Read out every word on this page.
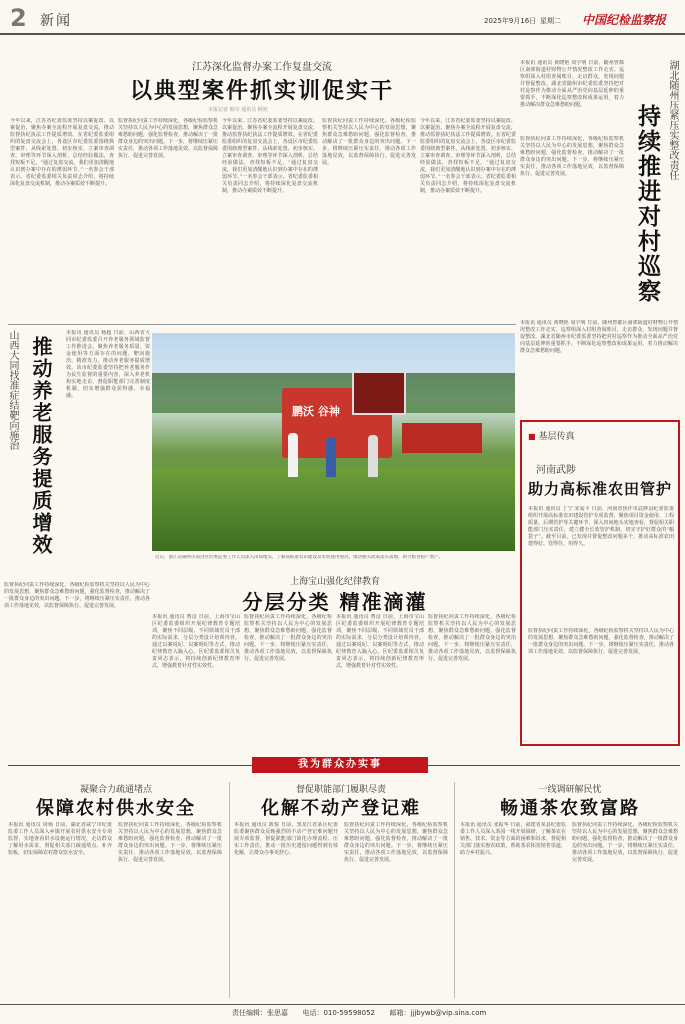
2 新闻	2025年9月16日 星期二 中国纪检监察报
江苏深化监督办案工作复盘交流
以典型案件抓实训促实干
本报记者 韩宇 通讯员 顾奕
今年以来，江苏省纪委监委坚持以案促改、以案促治，聚焦办案全流程开展复盘交流，推动监督执纪执法工作提质增效。在省纪委监委组织的复盘交流会上，各设区市纪委监委围绕典型案件，从线索处置、初步核实、立案审查调查、审理等环节深入剖析，总结经验做法，查找短板不足。“通过复盘交流，我们更加清醒地认识到办案中存在的薄弱环节。”一名参会干部表示。省纪委监委相关负责同志介绍，将持续深化复盘交流机制，推动办案质效不断提升。
监督执纪问责工作持续深化，各级纪检监察机关坚持以人民为中心的发展思想，聚焦群众急难愁盼问题，强化监督检查，推动解决了一批群众身边的突出问题。下一步，将继续压紧压实责任，推动各项工作落地见效，以监督保障执行、促进完善发展。
今年以来，江苏省纪委监委坚持以案促改、以案促治，聚焦办案全流程开展复盘交流，推动监督执纪执法工作提质增效。在省纪委监委组织的复盘交流会上，各设区市纪委监委围绕典型案件，从线索处置、初步核实、立案审查调查、审理等环节深入剖析，总结经验做法，查找短板不足。“通过复盘交流，我们更加清醒地认识到办案中存在的薄弱环节。”一名参会干部表示。省纪委监委相关负责同志介绍，将持续深化复盘交流机制，推动办案质效不断提升。
监督执纪问责工作持续深化，各级纪检监察机关坚持以人民为中心的发展思想，聚焦群众急难愁盼问题，强化监督检查，推动解决了一批群众身边的突出问题。下一步，将继续压紧压实责任，推动各项工作落地见效，以监督保障执行、促进完善发展。
今年以来，江苏省纪委监委坚持以案促改、以案促治，聚焦办案全流程开展复盘交流，推动监督执纪执法工作提质增效。在省纪委监委组织的复盘交流会上，各设区市纪委监委围绕典型案件，从线索处置、初步核实、立案审查调查、审理等环节深入剖析，总结经验做法，查找短板不足。“通过复盘交流，我们更加清醒地认识到办案中存在的薄弱环节。”一名参会干部表示。省纪委监委相关负责同志介绍，将持续深化复盘交流机制，推动办案质效不断提升。
本报讯 通讯员 黄晓艳 周宇明 日前，随州曾都区南郊街道村财物公开情况整改工作走实。巡察组深入村组查阅账目，走访群众，发现问题并督促整改。湖北省随州市纪委监委坚持把对村巡察作为推动全面从严治党向基层延伸的重要抓手，不断深化巡察整改和成果运用，着力推动解决群众急难愁盼问题。	湖北随州压紧压实整改责任
持续推进对村巡察
监督执纪问责工作持续深化，各级纪检监察机关坚持以人民为中心的发展思想，聚焦群众急难愁盼问题，强化监督检查，推动解决了一批群众身边的突出问题。下一步，将继续压紧压实责任，推动各项工作落地见效，以监督保障执行、促进完善发展。
本报讯 通讯员 黄晓艳 周宇明 日前，随州曾都区南郊街道村财物公开情况整改工作走实。巡察组深入村组查阅账目，走访群众，发现问题并督促整改。湖北省随州市纪委监委坚持把对村巡察作为推动全面从严治党向基层延伸的重要抓手，不断深化巡察整改和成果运用，着力推动解决群众急难愁盼问题。
山西大同找准症结靶向施治 推动养老服务提质增效
本报讯 通讯员 杨超 日前，山西省大同市纪委监委召开养老服务领域监督工作推进会，聚焦养老服务质量、资金使用等方面存在的问题，靶向施治、精准发力，推动养老服务提质增效。该市纪委监委坚持把养老服务作为民生监督的重要内容，深入养老机构实地走访，督促职能部门完善制度机制，切实增强群众获得感、幸福感。
监督执纪问责工作持续深化，各级纪检监察机关坚持以人民为中心的发展思想，聚焦群众急难愁盼问题，强化监督检查，推动解决了一批群众身边的突出问题。下一步，将继续压紧压实责任，推动各项工作落地见效，以监督保障执行、促进完善发展。
鹏沃 谷神
近日，浙江省湖州市南浔区纪委监委工作人员深入田间地头，了解高标准农田建设及农机使用情况，推动相关政策落实落地，助力粮食稳产增产。
上海宝山强化纪律教育
分层分类 精准滴灌
本报讯 通讯员 曹彦 日前，上海市宝山区纪委监委组织开展纪律教育专题培训，聚焦不同层级、不同领域党员干部的实际需求，分层分类设计培训内容，通过以案说纪、以案明纪等方式，推动纪律教育入脑入心。区纪委监委相关负责同志表示，将持续创新纪律教育形式，增强教育针对性实效性。
监督执纪问责工作持续深化，各级纪检监察机关坚持以人民为中心的发展思想，聚焦群众急难愁盼问题，强化监督检查，推动解决了一批群众身边的突出问题。下一步，将继续压紧压实责任，推动各项工作落地见效，以监督保障执行、促进完善发展。
本报讯 通讯员 曹彦 日前，上海市宝山区纪委监委组织开展纪律教育专题培训，聚焦不同层级、不同领域党员干部的实际需求，分层分类设计培训内容，通过以案说纪、以案明纪等方式，推动纪律教育入脑入心。区纪委监委相关负责同志表示，将持续创新纪律教育形式，增强教育针对性实效性。
监督执纪问责工作持续深化，各级纪检监察机关坚持以人民为中心的发展思想，聚焦群众急难愁盼问题，强化监督检查，推动解决了一批群众身边的突出问题。下一步，将继续压紧压实责任，推动各项工作落地见效，以监督保障执行、促进完善发展。
■ 基层传真
河南武陟
助力高标准农田管护
本报讯 通讯员 丁宁 宋爱平 日前，河南省焦作市武陟县纪委监委组织开展高标准农田建设管护专项监督，聚焦项目资金使用、工程质量、后期管护等关键环节，深入田间地头实地查看，督促相关职能部门压实责任，建立健全长效管护机制，切实守护好群众的“粮袋子”。截至目前，已发现并督促整改问题多个，推动高标准农田建得好、管得住、用得久。
监督执纪问责工作持续深化，各级纪检监察机关坚持以人民为中心的发展思想，聚焦群众急难愁盼问题，强化监督检查，推动解决了一批群众身边的突出问题。下一步，将继续压紧压实责任，推动各项工作落地见效，以监督保障执行、促进完善发展。
我为群众办实事
凝聚合力疏通堵点
保障农村供水安全
本报讯 通讯员 周杨 日前，湖北省咸宁市纪委监委工作人员深入乡镇开展农村供水安全专项监督，实地查看供水设施运行情况，走访群众了解用水需求，督促相关部门疏通堵点、补齐短板，切实保障农村群众饮水安全。
监督执纪问责工作持续深化，各级纪检监察机关坚持以人民为中心的发展思想，聚焦群众急难愁盼问题，强化监督检查，推动解决了一批群众身边的突出问题。下一步，将继续压紧压实责任，推动各项工作落地见效，以监督保障执行、促进完善发展。
督促职能部门履职尽责
化解不动产登记难
本报讯 通讯员 陈悦 日前，黑龙江省某区纪委监委聚焦群众反映强烈的不动产登记难问题开展专项监督，督促职能部门简化办理流程、压实工作责任，推动一批历史遗留问题得到有效化解，让群众办事更舒心。
监督执纪问责工作持续深化，各级纪检监察机关坚持以人民为中心的发展思想，聚焦群众急难愁盼问题，强化监督检查，推动解决了一批群众身边的突出问题。下一步，将继续压紧压实责任，推动各项工作落地见效，以监督保障执行、促进完善发展。
一线调研解民忧
畅通茶农致富路
本报讯 通讯员 张振华 日前，福建省某县纪委监委工作人员深入茶园一线开展调研，了解茶农在销售、技术、资金等方面的困难和诉求，督促相关部门落实惠农政策，帮助茶农拓宽销售渠道，助力乡村振兴。
监督执纪问责工作持续深化，各级纪检监察机关坚持以人民为中心的发展思想，聚焦群众急难愁盼问题，强化监督检查，推动解决了一批群众身边的突出问题。下一步，将继续压紧压实责任，推动各项工作落地见效，以监督保障执行、促进完善发展。
责任编辑：张思嘉 电话：010-59598052 邮箱：jjjbywb@vip.sina.com
